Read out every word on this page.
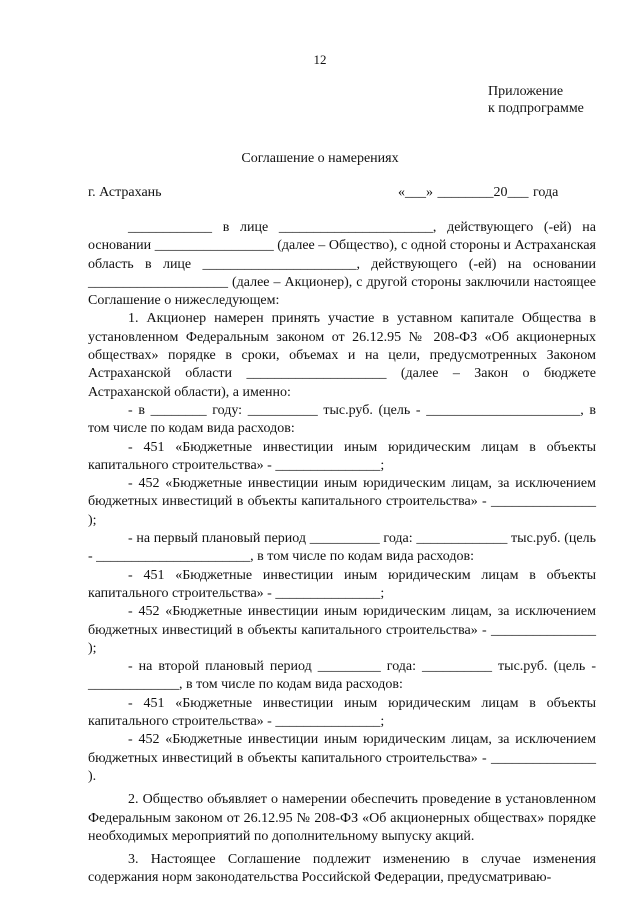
12
Приложение
к подпрограмме
Соглашение о намерениях
г. Астрахань	«___» ________20___ года

____________ в лице ______________________, действующего (-ей) на основании _________________ (далее – Общество), с одной стороны и Астраханская область в лице ______________________, действующего (-ей) на основании ____________________ (далее – Акционер), с другой стороны заключили настоящее Соглашение о нижеследующем:

1. Акционер намерен принять участие в уставном капитале Общества в установленном Федеральным законом от 26.12.95 № 208-ФЗ «Об акционерных обществах» порядке в сроки, объемах и на цели, предусмотренных Законом Астраханской области ____________________ (далее – Закон о бюджете Астраханской области), а именно:

- в ________ году: __________ тыс.руб. (цель - ______________________, в том числе по кодам вида расходов:

- 451 «Бюджетные инвестиции иным юридическим лицам в объекты капитального строительства» - _______________;

- 452 «Бюджетные инвестиции иным юридическим лицам, за исключением бюджетных инвестиций в объекты капитального строительства» - _______________ );

- на первый плановый период __________ года: _____________ тыс.руб. (цель - ______________________, в том числе по кодам вида расходов:

- 451 «Бюджетные инвестиции иным юридическим лицам в объекты капитального строительства» - _______________;

- 452 «Бюджетные инвестиции иным юридическим лицам, за исключением бюджетных инвестиций в объекты капитального строительства» - _______________ );

- на второй плановый период _________ года: __________ тыс.руб. (цель - _____________, в том числе по кодам вида расходов:

- 451 «Бюджетные инвестиции иным юридическим лицам в объекты капитального строительства» - _______________;

- 452 «Бюджетные инвестиции иным юридическим лицам, за исключением бюджетных инвестиций в объекты капитального строительства» - _______________ ).

2. Общество объявляет о намерении обеспечить проведение в установленном Федеральным законом от 26.12.95 № 208-ФЗ «Об акционерных обществах» порядке необходимых мероприятий по дополнительному выпуску акций.

3. Настоящее Соглашение подлежит изменению в случае изменения содержания норм законодательства Российской Федерации, предусматриваю-
